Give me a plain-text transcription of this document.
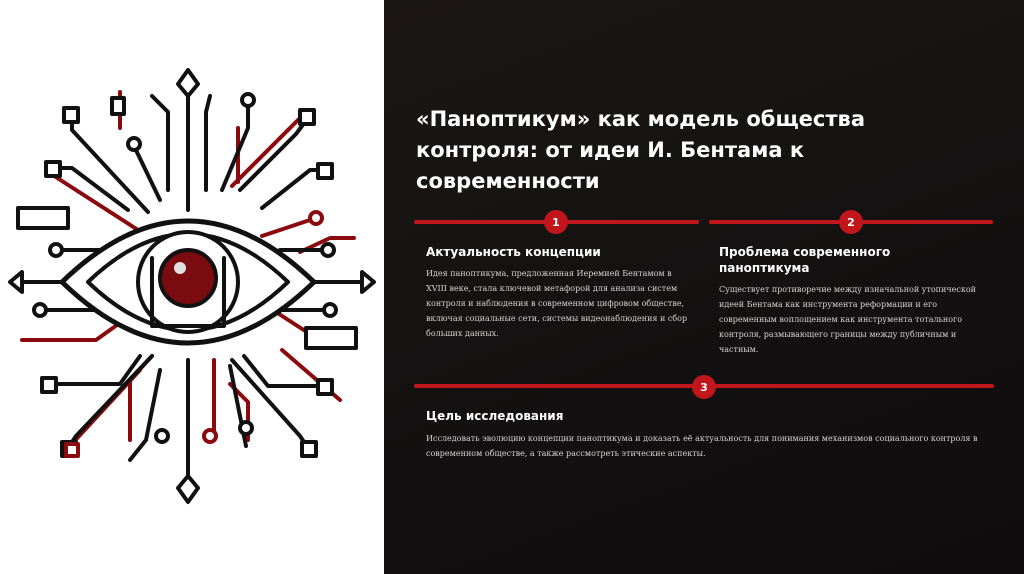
«Паноптикум» как модель общества контроля: от идеи И. Бентама к современности
1	2
Актуальность концепции

Идея паноптикума, предложенная Иеремией Бентамом в XVIII веке, стала ключевой метафорой для анализа систем контроля и наблюдения в современном цифровом обществе, включая социальные сети, системы видеонаблюдения и сбор больших данных.

Проблема современного паноптикума

Существует противоречие между изначальной утопической идеей Бентама как инструмента реформации и его современным воплощением как инструмента тотального контроля, размывающего границы между публичным и частным.

3
Цель исследования

Исследовать эволюцию концепции паноптикума и доказать её актуальность для понимания механизмов социального контроля в современном обществе, а также рассмотреть этические аспекты.
